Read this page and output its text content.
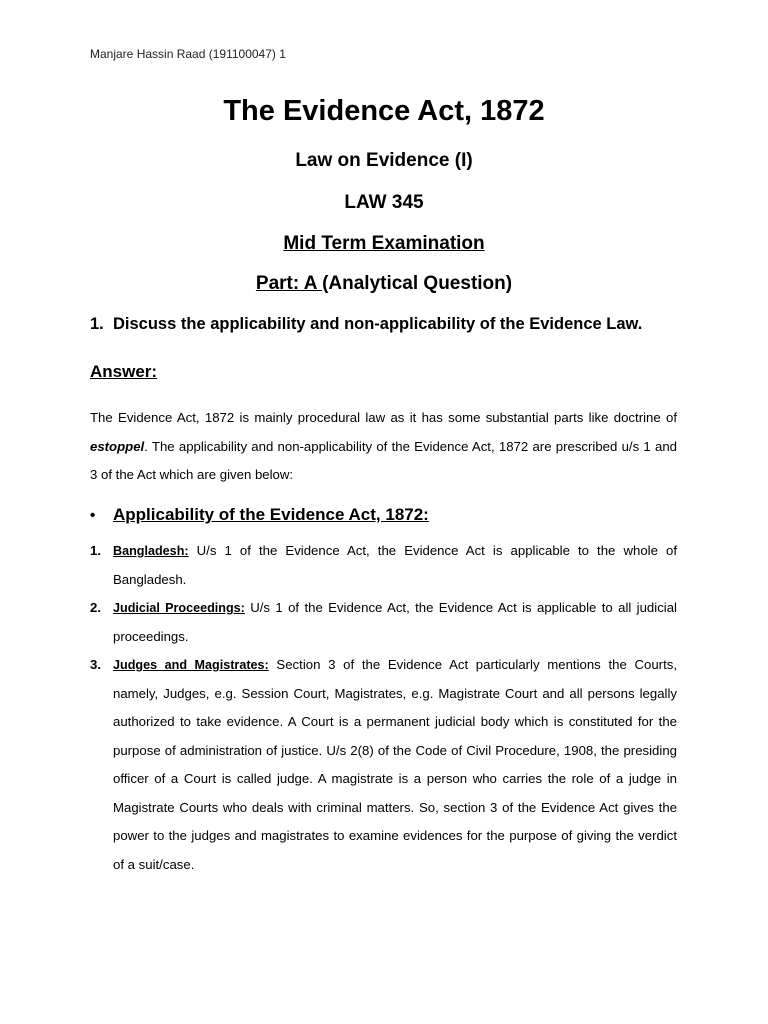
Manjare Hassin Raad (191100047) 1
The Evidence Act, 1872
Law on Evidence (I)
LAW 345
Mid Term Examination
Part: A (Analytical Question)
1. Discuss the applicability and non-applicability of the Evidence Law.
Answer:
The Evidence Act, 1872 is mainly procedural law as it has some substantial parts like doctrine of estoppel. The applicability and non-applicability of the Evidence Act, 1872 are prescribed u/s 1 and 3 of the Act which are given below:
• Applicability of the Evidence Act, 1872:
1. Bangladesh: U/s 1 of the Evidence Act, the Evidence Act is applicable to the whole of Bangladesh.
2. Judicial Proceedings: U/s 1 of the Evidence Act, the Evidence Act is applicable to all judicial proceedings.
3. Judges and Magistrates: Section 3 of the Evidence Act particularly mentions the Courts, namely, Judges, e.g. Session Court, Magistrates, e.g. Magistrate Court and all persons legally authorized to take evidence. A Court is a permanent judicial body which is constituted for the purpose of administration of justice. U/s 2(8) of the Code of Civil Procedure, 1908, the presiding officer of a Court is called judge. A magistrate is a person who carries the role of a judge in Magistrate Courts who deals with criminal matters. So, section 3 of the Evidence Act gives the power to the judges and magistrates to examine evidences for the purpose of giving the verdict of a suit/case.
